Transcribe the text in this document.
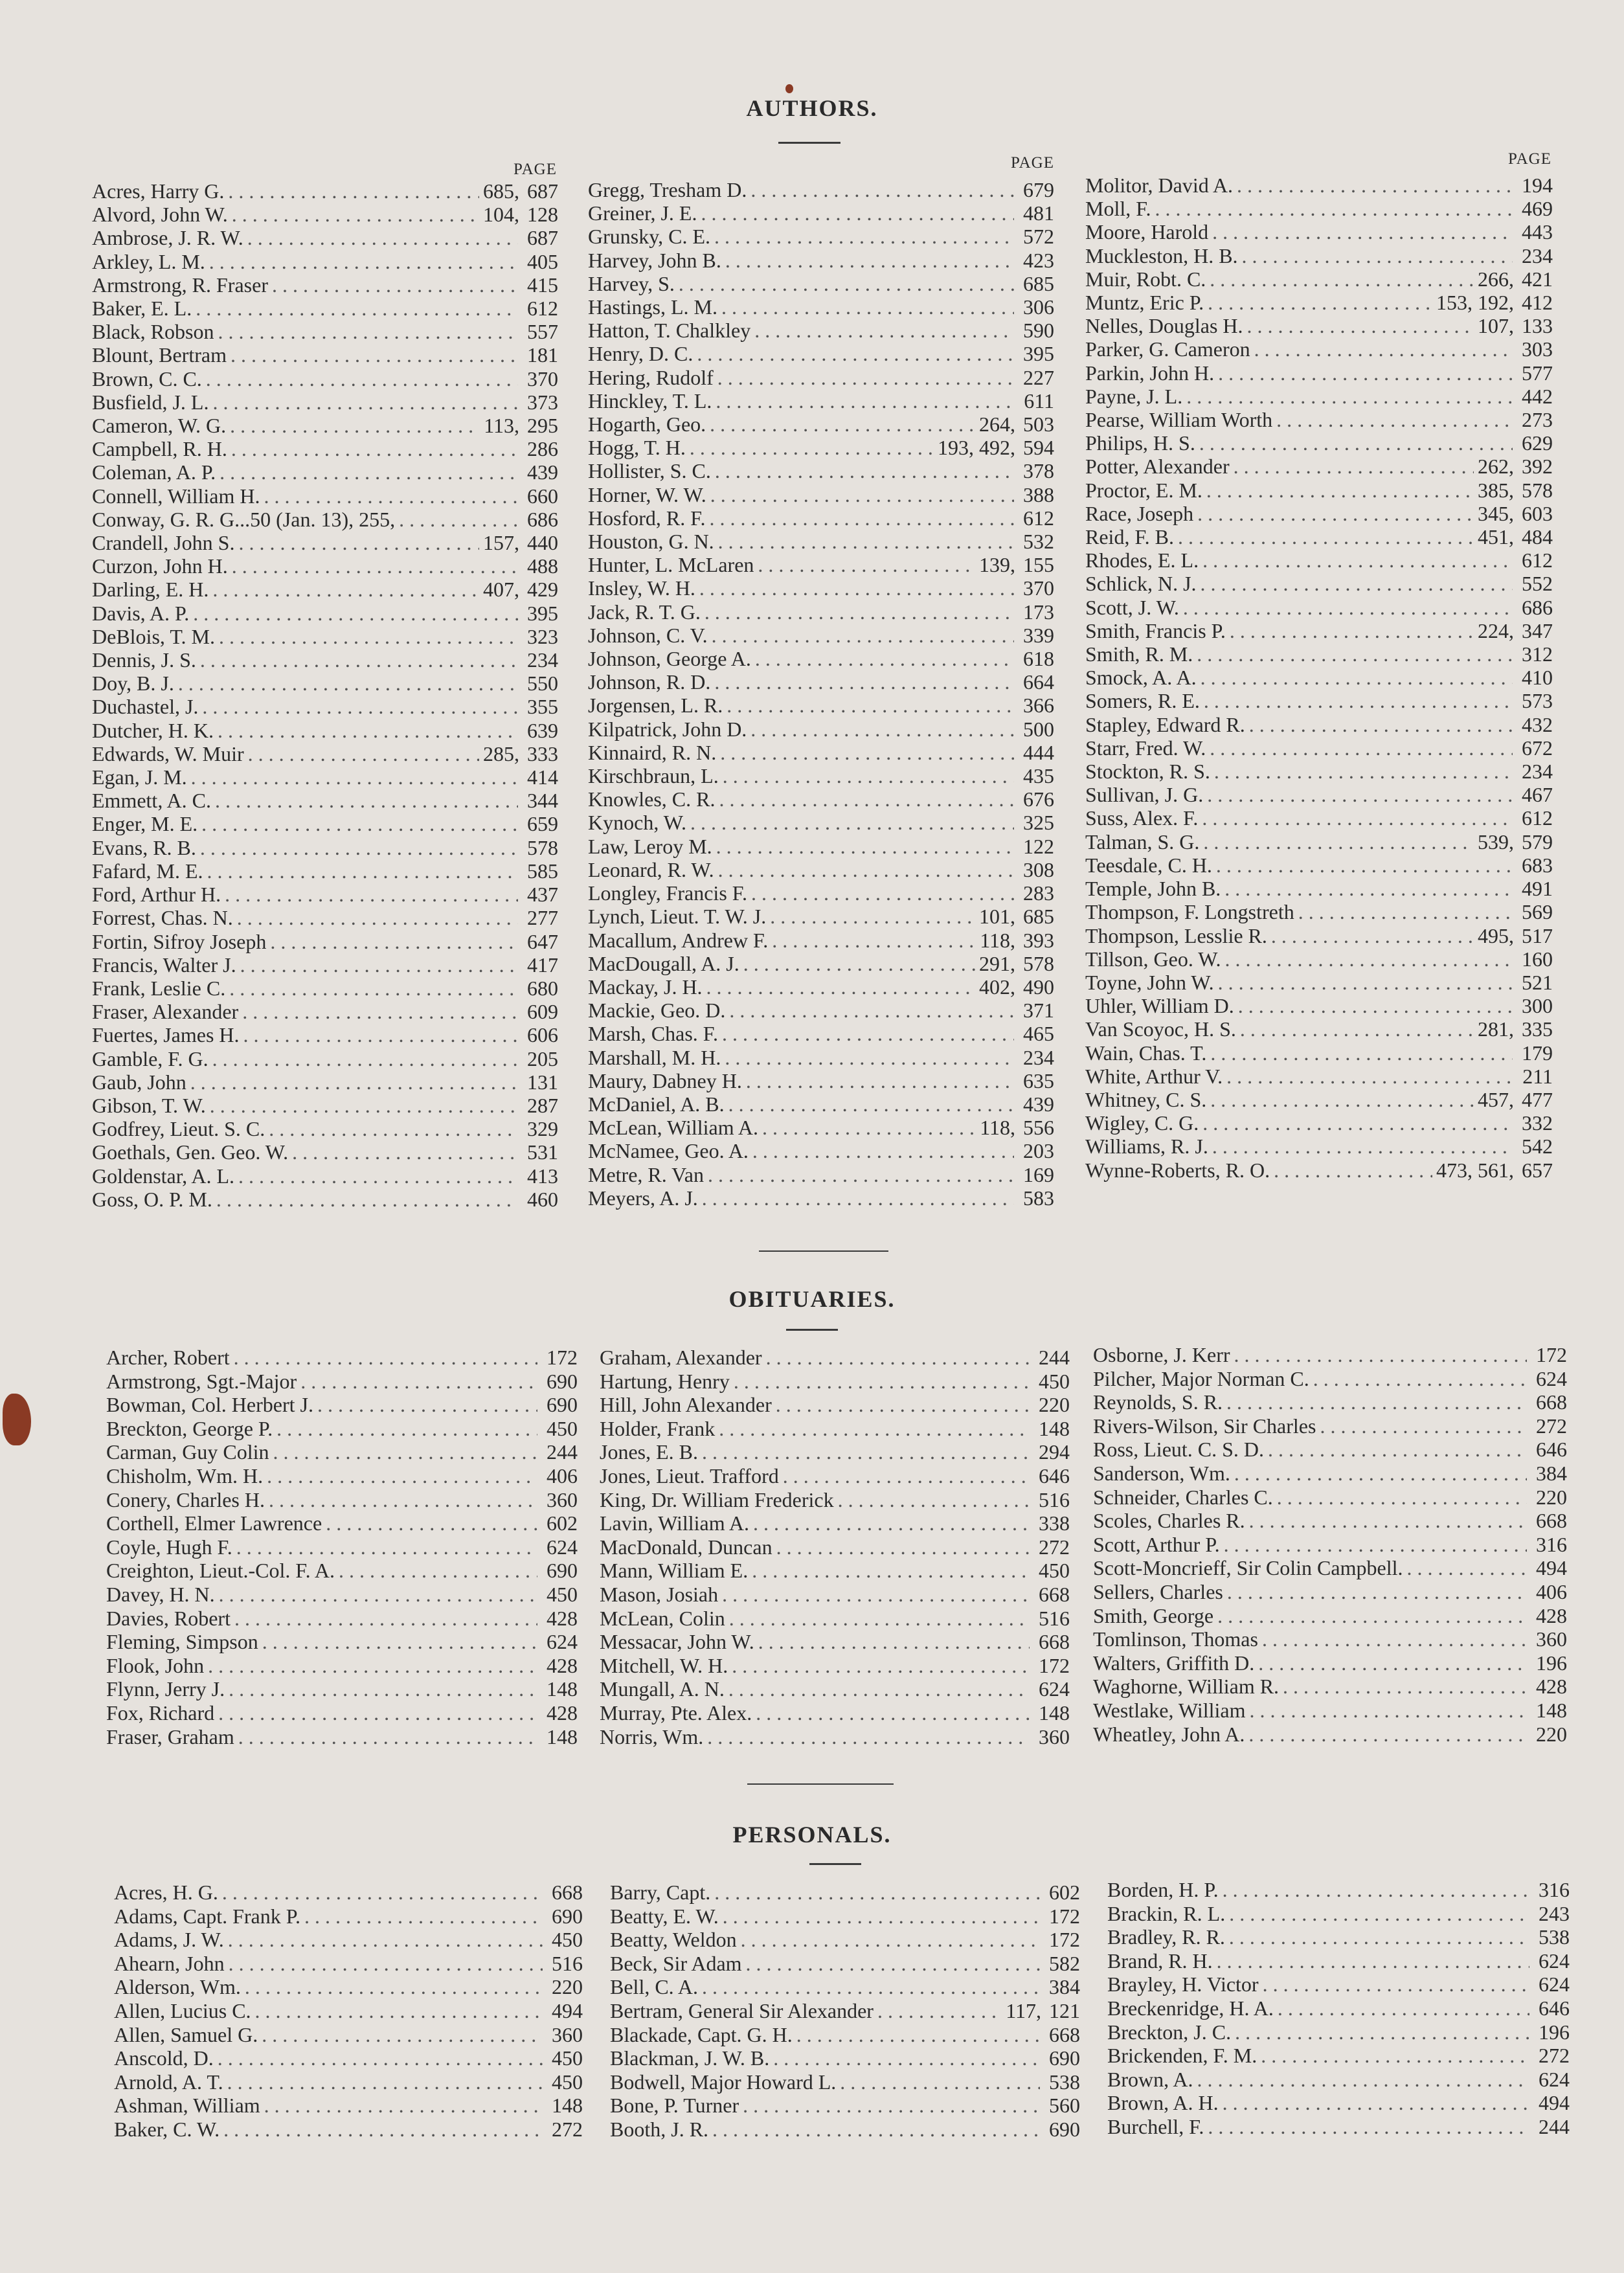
AUTHORS.
PAGE	PAGE	PAGE
Acres, Harry G. . . .	685, 687
Alvord, John W. . . .	104, 128
Ambrose, J. R. W. . . .	687
Arkley, L. M. . . .	405
Armstrong, R. Fraser . . .	415
Baker, E. L. . . .	612
Black, Robson . . .	557
Blount, Bertram . . .	181
Brown, C. C. . . .	370
Busfield, J. L. . . .	373
Cameron, W. G. . . .	113, 295
Campbell, R. H. . . .	286
Coleman, A. P. . . .	439
Connell, William H. . . .	660
Conway, G. R. G...50 (Jan. 13), 255, . . .	686
Crandell, John S. . . .	157, 440
Curzon, John H. . . .	488
Darling, E. H. . . .	407, 429
Davis, A. P. . . .	395
DeBlois, T. M. . . .	323
Dennis, J. S. . . .	234
Doy, B. J. . . .	550
Duchastel, J. . . .	355
Dutcher, H. K. . . .	639
Edwards, W. Muir . . .	285, 333
Egan, J. M. . . .	414
Emmett, A. C. . . .	344
Enger, M. E. . . .	659
Evans, R. B. . . .	578
Fafard, M. E. . . .	585
Ford, Arthur H. . . .	437
Forrest, Chas. N. . . .	277
Fortin, Sifroy Joseph . . .	647
Francis, Walter J. . . .	417
Frank, Leslie C. . . .	680
Fraser, Alexander . . .	609
Fuertes, James H. . . .	606
Gamble, F. G. . . .	205
Gaub, John . . .	131
Gibson, T. W. . . .	287
Godfrey, Lieut. S. C. . . .	329
Goethals, Gen. Geo. W. . . .	531
Goldenstar, A. L. . . .	413
Goss, O. P. M. . . .	460
Gregg, Tresham D. . . .	679
Greiner, J. E. . . .	481
Grunsky, C. E. . . .	572
Harvey, John B. . . .	423
Harvey, S. . . .	685
Hastings, L. M. . . .	306
Hatton, T. Chalkley . . .	590
Henry, D. C. . . .	395
Hering, Rudolf . . .	227
Hinckley, T. L. . . .	611
Hogarth, Geo. . . .	264, 503
Hogg, T. H. . . .	193, 492, 594
Hollister, S. C. . . .	378
Horner, W. W. . . .	388
Hosford, R. F. . . .	612
Houston, G. N. . . .	532
Hunter, L. McLaren . . .	139, 155
Insley, W. H. . . .	370
Jack, R. T. G. . . .	173
Johnson, C. V. . . .	339
Johnson, George A. . . .	618
Johnson, R. D. . . .	664
Jorgensen, L. R. . . .	366
Kilpatrick, John D. . . .	500
Kinnaird, R. N. . . .	444
Kirschbraun, L. . . .	435
Knowles, C. R. . . .	676
Kynoch, W. . . .	325
Law, Leroy M. . . .	122
Leonard, R. W. . . .	308
Longley, Francis F. . . .	283
Lynch, Lieut. T. W. J. . . .	101, 685
Macallum, Andrew F. . . .	118, 393
MacDougall, A. J. . . .	291, 578
Mackay, J. H. . . .	402, 490
Mackie, Geo. D. . . .	371
Marsh, Chas. F. . . .	465
Marshall, M. H. . . .	234
Maury, Dabney H. . . .	635
McDaniel, A. B. . . .	439
McLean, William A. . . .	118, 556
McNamee, Geo. A. . . .	203
Metre, R. Van . . .	169
Meyers, A. J. . . .	583
Molitor, David A. . . .	194
Moll, F. . . .	469
Moore, Harold . . .	443
Muckleston, H. B. . . .	234
Muir, Robt. C. . . .	266, 421
Muntz, Eric P. . . .	153, 192, 412
Nelles, Douglas H. . . .	107, 133
Parker, G. Cameron . . .	303
Parkin, John H. . . .	577
Payne, J. L. . . .	442
Pearse, William Worth . . .	273
Philips, H. S. . . .	629
Potter, Alexander . . .	262, 392
Proctor, E. M. . . .	385, 578
Race, Joseph . . .	345, 603
Reid, F. B. . . .	451, 484
Rhodes, E. L. . . .	612
Schlick, N. J. . . .	552
Scott, J. W. . . .	686
Smith, Francis P. . . .	224, 347
Smith, R. M. . . .	312
Smock, A. A. . . .	410
Somers, R. E. . . .	573
Stapley, Edward R. . . .	432
Starr, Fred. W. . . .	672
Stockton, R. S. . . .	234
Sullivan, J. G. . . .	467
Suss, Alex. F. . . .	612
Talman, S. G. . . .	539, 579
Teesdale, C. H. . . .	683
Temple, John B. . . .	491
Thompson, F. Longstreth . . .	569
Thompson, Lesslie R. . . .	495, 517
Tillson, Geo. W. . . .	160
Toyne, John W. . . .	521
Uhler, William D. . . .	300
Van Scoyoc, H. S. . . .	281, 335
Wain, Chas. T. . . .	179
White, Arthur V. . . .	211
Whitney, C. S. . . .	457, 477
Wigley, C. G. . . .	332
Williams, R. J. . . .	542
Wynne-Roberts, R. O. . . .	473, 561, 657
OBITUARIES.
Archer, Robert . . .	172
Armstrong, Sgt.-Major . . .	690
Bowman, Col. Herbert J. . . .	690
Breckton, George P. . . .	450
Carman, Guy Colin . . .	244
Chisholm, Wm. H. . . .	406
Conery, Charles H. . . .	360
Corthell, Elmer Lawrence . . .	602
Coyle, Hugh F. . . .	624
Creighton, Lieut.-Col. F. A. . . .	690
Davey, H. N. . . .	450
Davies, Robert . . .	428
Fleming, Simpson . . .	624
Flook, John . . .	428
Flynn, Jerry J. . . .	148
Fox, Richard . . .	428
Fraser, Graham . . .	148
Graham, Alexander . . .	244
Hartung, Henry . . .	450
Hill, John Alexander . . .	220
Holder, Frank . . .	148
Jones, E. B. . . .	294
Jones, Lieut. Trafford . . .	646
King, Dr. William Frederick . . .	516
Lavin, William A. . . .	338
MacDonald, Duncan . . .	272
Mann, William E. . . .	450
Mason, Josiah . . .	668
McLean, Colin . . .	516
Messacar, John W. . . .	668
Mitchell, W. H. . . .	172
Mungall, A. N. . . .	624
Murray, Pte. Alex. . . .	148
Norris, Wm. . . .	360
Osborne, J. Kerr . . .	172
Pilcher, Major Norman C. . . .	624
Reynolds, S. R. . . .	668
Rivers-Wilson, Sir Charles . . .	272
Ross, Lieut. C. S. D. . . .	646
Sanderson, Wm. . . .	384
Schneider, Charles C. . . .	220
Scoles, Charles R. . . .	668
Scott, Arthur P. . . .	316
Scott-Moncrieff, Sir Colin Campbell. . . .	494
Sellers, Charles . . .	406
Smith, George . . .	428
Tomlinson, Thomas . . .	360
Walters, Griffith D. . . .	196
Waghorne, William R. . . .	428
Westlake, William . . .	148
Wheatley, John A. . . .	220
PERSONALS.
Acres, H. G. . . .	668
Adams, Capt. Frank P. . . .	690
Adams, J. W. . . .	450
Ahearn, John . . .	516
Alderson, Wm. . . .	220
Allen, Lucius C. . . .	494
Allen, Samuel G. . . .	360
Anscold, D. . . .	450
Arnold, A. T. . . .	450
Ashman, William . . .	148
Baker, C. W. . . .	272
Barry, Capt. . . .	602
Beatty, E. W. . . .	172
Beatty, Weldon . . .	172
Beck, Sir Adam . . .	582
Bell, C. A. . . .	384
Bertram, General Sir Alexander . . .	117, 121
Blackade, Capt. G. H. . . .	668
Blackman, J. W. B. . . .	690
Bodwell, Major Howard L. . . .	538
Bone, P. Turner . . .	560
Booth, J. R. . . .	690
Borden, H. P. . . .	316
Brackin, R. L. . . .	243
Bradley, R. R. . . .	538
Brand, R. H. . . .	624
Brayley, H. Victor . . .	624
Breckenridge, H. A. . . .	646
Breckton, J. C. . . .	196
Brickenden, F. M. . . .	272
Brown, A. . . .	624
Brown, A. H. . . .	494
Burchell, F. . . .	244
